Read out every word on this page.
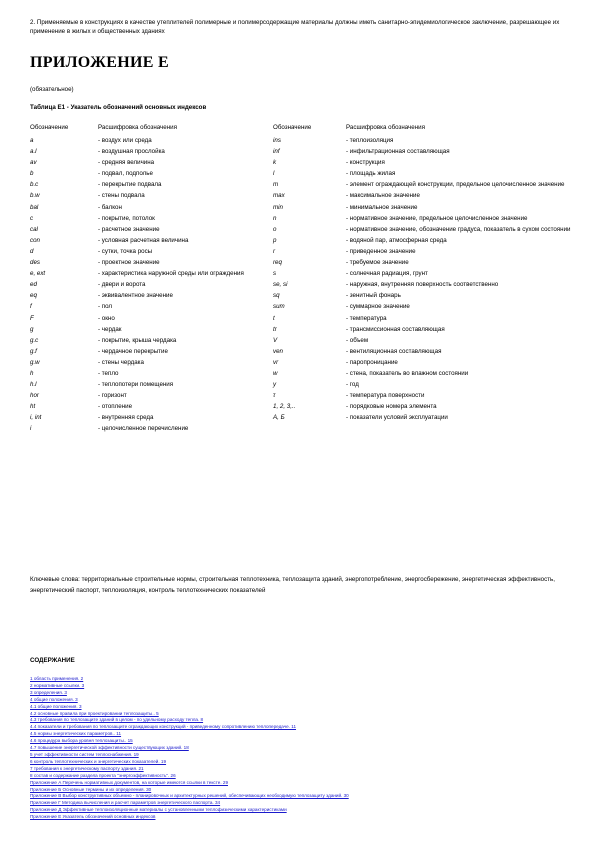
2. Применяемые в конструкциях в качестве утеплителей полимерные и полимерсодержащие материалы должны иметь санитарно-эпидемиологическое заключение, разрешающее их применение в жилых и общественных зданиях
ПРИЛОЖЕНИЕ Е
(обязательное)
Таблица Е1 - Указатель обозначений основных индексов
Обозначение	Расшифровка обозначения	Обозначение	Расшифровка обозначения
a	- воздух или среда	ins	- теплоизоляция
a.l	- воздушная прослойка	inf	- инфильтрационная составляющая
av	- средняя величина	k	- конструкция
b	- подвал, подполье	l	- площадь жилая
b.c	- перекрытие подвала	m	- элемент ограждающей конструкции, предельное целочисленное значение
b.w	- стены подвала	max	- максимальное значение
bal	- балкон	min	- минимальное значение
c	- покрытие, потолок	n	- нормативное значение, предельное целочисленное значение
cal	- расчетное значение	o	- нормативное значение, обозначение градуса, показатель в сухом состоянии
con	- условная расчетная величина	p	- водяной пар, атмосферная среда
d	- сутки, точка росы	r	- приведенное значение
des	- проектное значение	req	- требуемое значение
e, ext	- характеристика наружной среды или ограждения	s	- солнечная радиация, грунт
ed	- двери и ворота	se, si	- наружная, внутренняя поверхность соответственно
eq	- эквивалентное значение	sq	- зенитный фонарь
f	- пол	sum	- суммарное значение
F	- окно	t	- температура
g	- чердак	tr	- трансмиссионная составляющая
g.c	- покрытие, крыша чердака	V	- объем
g.f	- чердачное перекрытие	ven	- вентиляционная составляющая
g.w	- стены чердака	vr	- паропроницание
h	- тепло	w	- стена, показатель во влажном состоянии
h.l	- теплопотери помещения	y	- год
hor	- горизонт	τ	- температура поверхности
ht	- отопление	1, 2, 3,..	- порядковые номера элемента
i, int	- внутренняя среда	A, Б	- показатели условий эксплуатации
i	- целочисленное перечисление
Ключевые слова: территориальные строительные нормы, строительная теплотехника, теплозащита зданий, энергопотребление, энергосбережение, энергетическая эффективность, энергетический паспорт, теплоизоляция, контроль теплотехнических показателей
СОДЕРЖАНИЕ
1 область применения. 2
2 нормативные ссылки. 3
3 определения. 3
4 общие положения. 3
4.1 общие положения. 3
4.2 основные правила при проектировании теплозащиты.. 5
4.3 требования по теплозащите зданий в целом - по удельному расходу тепла. 8
4.4 показатели и требования по теплозащите ограждающих конструкций - приведенному сопротивлению теплопередаче. 11
4.5 нормы энергетических параметров.. 11
4.6 процедура выбора уровня теплозащиты.. 15
4.7 повышение энергетической эффективности существующих зданий. 18
5 учет эффективности систем теплоснабжения. 19
6 контроль теплотехнических и энергетических показателей. 19
7 требования к энергетическому паспорту здания. 21
8 состав и содержание раздела проекта "энергоэффективность". 26
Приложение А Перечень нормативных документов, на которые имеются ссылки в тексте. 29
Приложение Б Основные термины и их определения. 30
Приложение В Выбор конструктивных объемно - планировочных и архитектурных решений, обеспечивающих необходимую теплозащиту зданий. 30
Приложение Г Методика вычисления и расчет параметров энергетического паспорта. 34
Приложение Д Эффективные теплоизоляционные материалы с установленными теплофизическими характеристиками
Приложение Е Указатель обозначений основных индексов
